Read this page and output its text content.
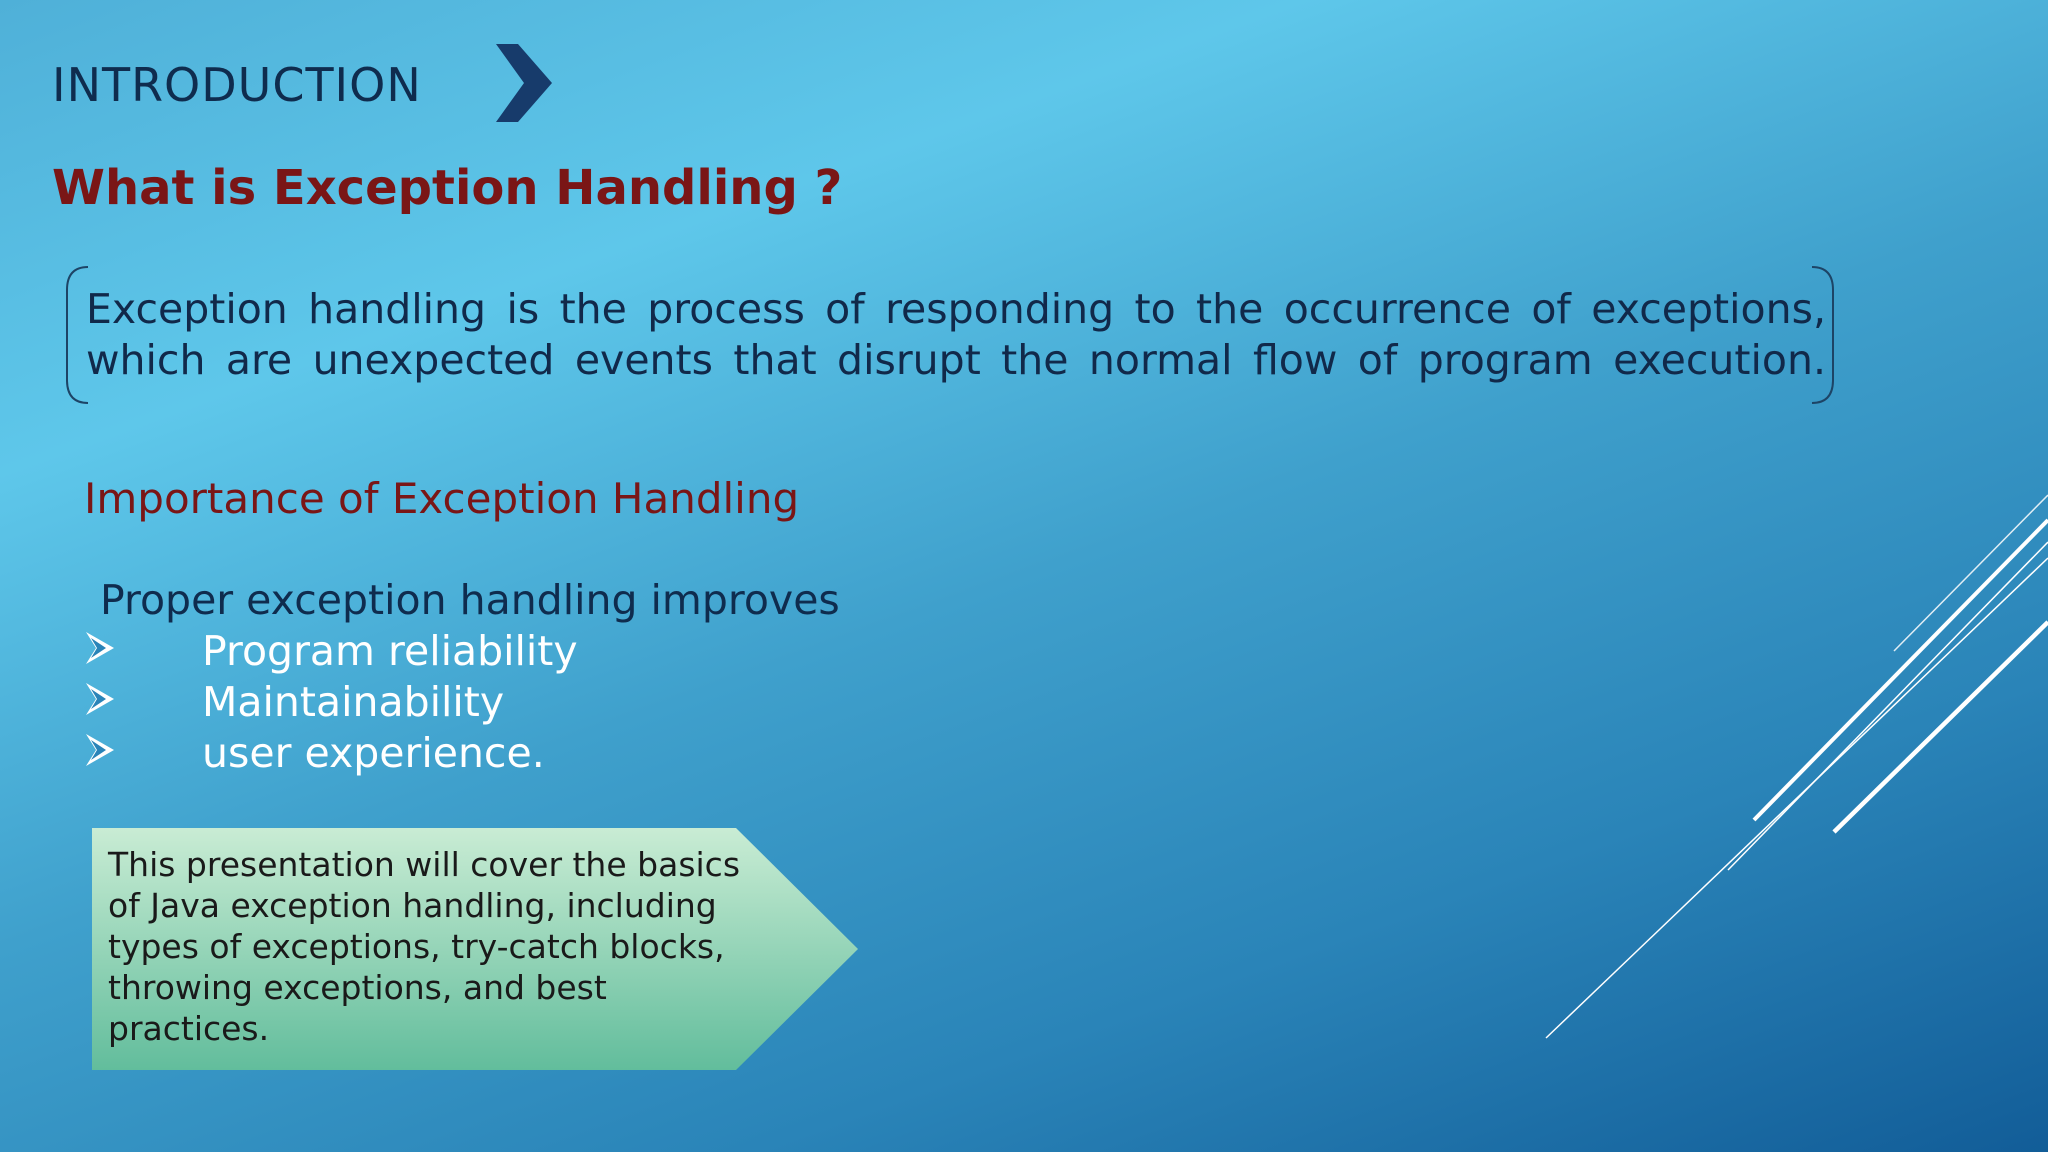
INTRODUCTION
What is Exception Handling ?

Exception handling is the process of responding to the occurrence of exceptions, which are unexpected events that disrupt the normal flow of program execution.

Importance of Exception Handling

Proper exception handling improves

Program reliability
Maintainability
user experience.

This presentation will cover the basics of Java exception handling, including types of exceptions, try-catch blocks, throwing exceptions, and best practices.
